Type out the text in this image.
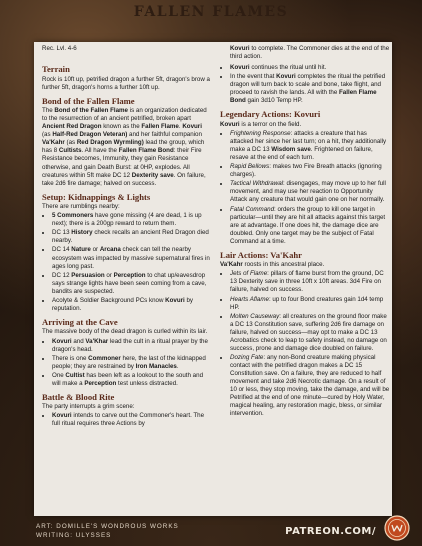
FALLEN FLAMES

Rec. Lvl. 4-6

Terrain

Rock is 10ft up, petrified dragon a further 5ft, dragon's brow a further 5ft, dragon's horns a further 10ft up.

Bond of the Fallen Flame

The Bond of the Fallen Flame is an organization dedicated to the resurrection of an ancient petrified, broken apart Ancient Red Dragon known as the Fallen Flame. Kovuri (as Half-Red Dragon Veteran) and her faithful companion Va'Kahr (as Red Dragon Wyrmling) lead the group, which has 8 Cultists. All have the Fallen Flame Bond: their Fire Resistance becomes, Immunity, they gain Resistance otherwise, and gain Death Burst: at 0HP, explodes. All creatures within 5ft make DC 12 Dexterity save. On failure, take 2d6 fire damage; halved on success.

Setup: Kidnappings & Lights

There are rumblings nearby:

• 5 Commoners have gone missing (4 are dead, 1 is up next); there is a 200gp reward to return them.
• DC 13 History check recalls an ancient Red Dragon died nearby.
• DC 14 Nature or Arcana check can tell the nearby ecosystem was impacted by massive supernatural fires in ages long past.
• DC 12 Persuasion or Perception to chat up/eavesdrop says strange lights have been seen coming from a cave, bandits are suspected.
• Acolyte & Soldier Background PCs know Kovuri by reputation.
Arriving at the Cave

The massive body of the dead dragon is curled within its lair.

• Kovuri and Va'Khar lead the cult in a ritual prayer by the dragon's head.
• There is one Commoner here, the last of the kidnapped people; they are restrained by Iron Manacles.
• One Cultist has been left as a lookout to the south and will make a Perception test unless distracted.
Battle & Blood Rite

The party interrupts a grim scene:

• Kovuri intends to carve out the Commoner's heart. The full ritual requires three Actions by
Kovuri to complete. The Commoner dies at the end of the third action.
• Kovuri continues the ritual until hit.
• In the event that Kovuri completes the ritual the petrified dragon will turn back to scale and bone, take flight, and proceed to ravish the lands. All with the Fallen Flame Bond gain 3d10 Temp HP.
Legendary Actions: Kovuri

Kovuri is a terror on the field.

• Frightening Response: attacks a creature that has attacked her since her last turn; on a hit, they additionally make a DC 13 Wisdom save. Frightened on failure, resave at the end of each turn.
• Rapid Bellows: makes two Fire Breath attacks (ignoring charges).
• Tactical Withdrawal: disengages, may move up to her full movement, and may use her reaction to Opportunity Attack any creature that would gain one on her normally.
• Fatal Command: orders the group to kill one target in particular—until they are hit all attacks against this target are at advantage. If one does hit, the damage dice are doubled. Only one target may be the subject of Fatal Command at a time.
Lair Actions: Va'Kahr

Va'Kahr roosts in this ancestral place.

• Jets of Flame: pillars of flame burst from the ground, DC 13 Dexterity save in three 10ft x 10ft areas. 3d4 Fire on failure, halved on success.
• Hearts Aflame: up to four Bond creatures gain 1d4 temp HP.
• Molten Causeway: all creatures on the ground floor make a DC 13 Constitution save, suffering 2d6 fire damage on failure, halved on success—may opt to make a DC 13 Acrobatics check to leap to safety instead, no damage on success, prone and damage dice doubled on failure.
• Dozing Fate: any non-Bond creature making physical contact with the petrified dragon makes a DC 15 Constitution save. On a failure, they are reduced to half movement and take 2d6 Necrotic damage. On a result of 10 or less, they stop moving, take the damage, and will be Petrified at the end of one minute—cured by Holy Water, magical healing, any restoration magic, bless, or similar intervention.
ART: DOMILLE'S WONDROUS WORKS
WRITING: ULYSSES	PATREON.COM/
